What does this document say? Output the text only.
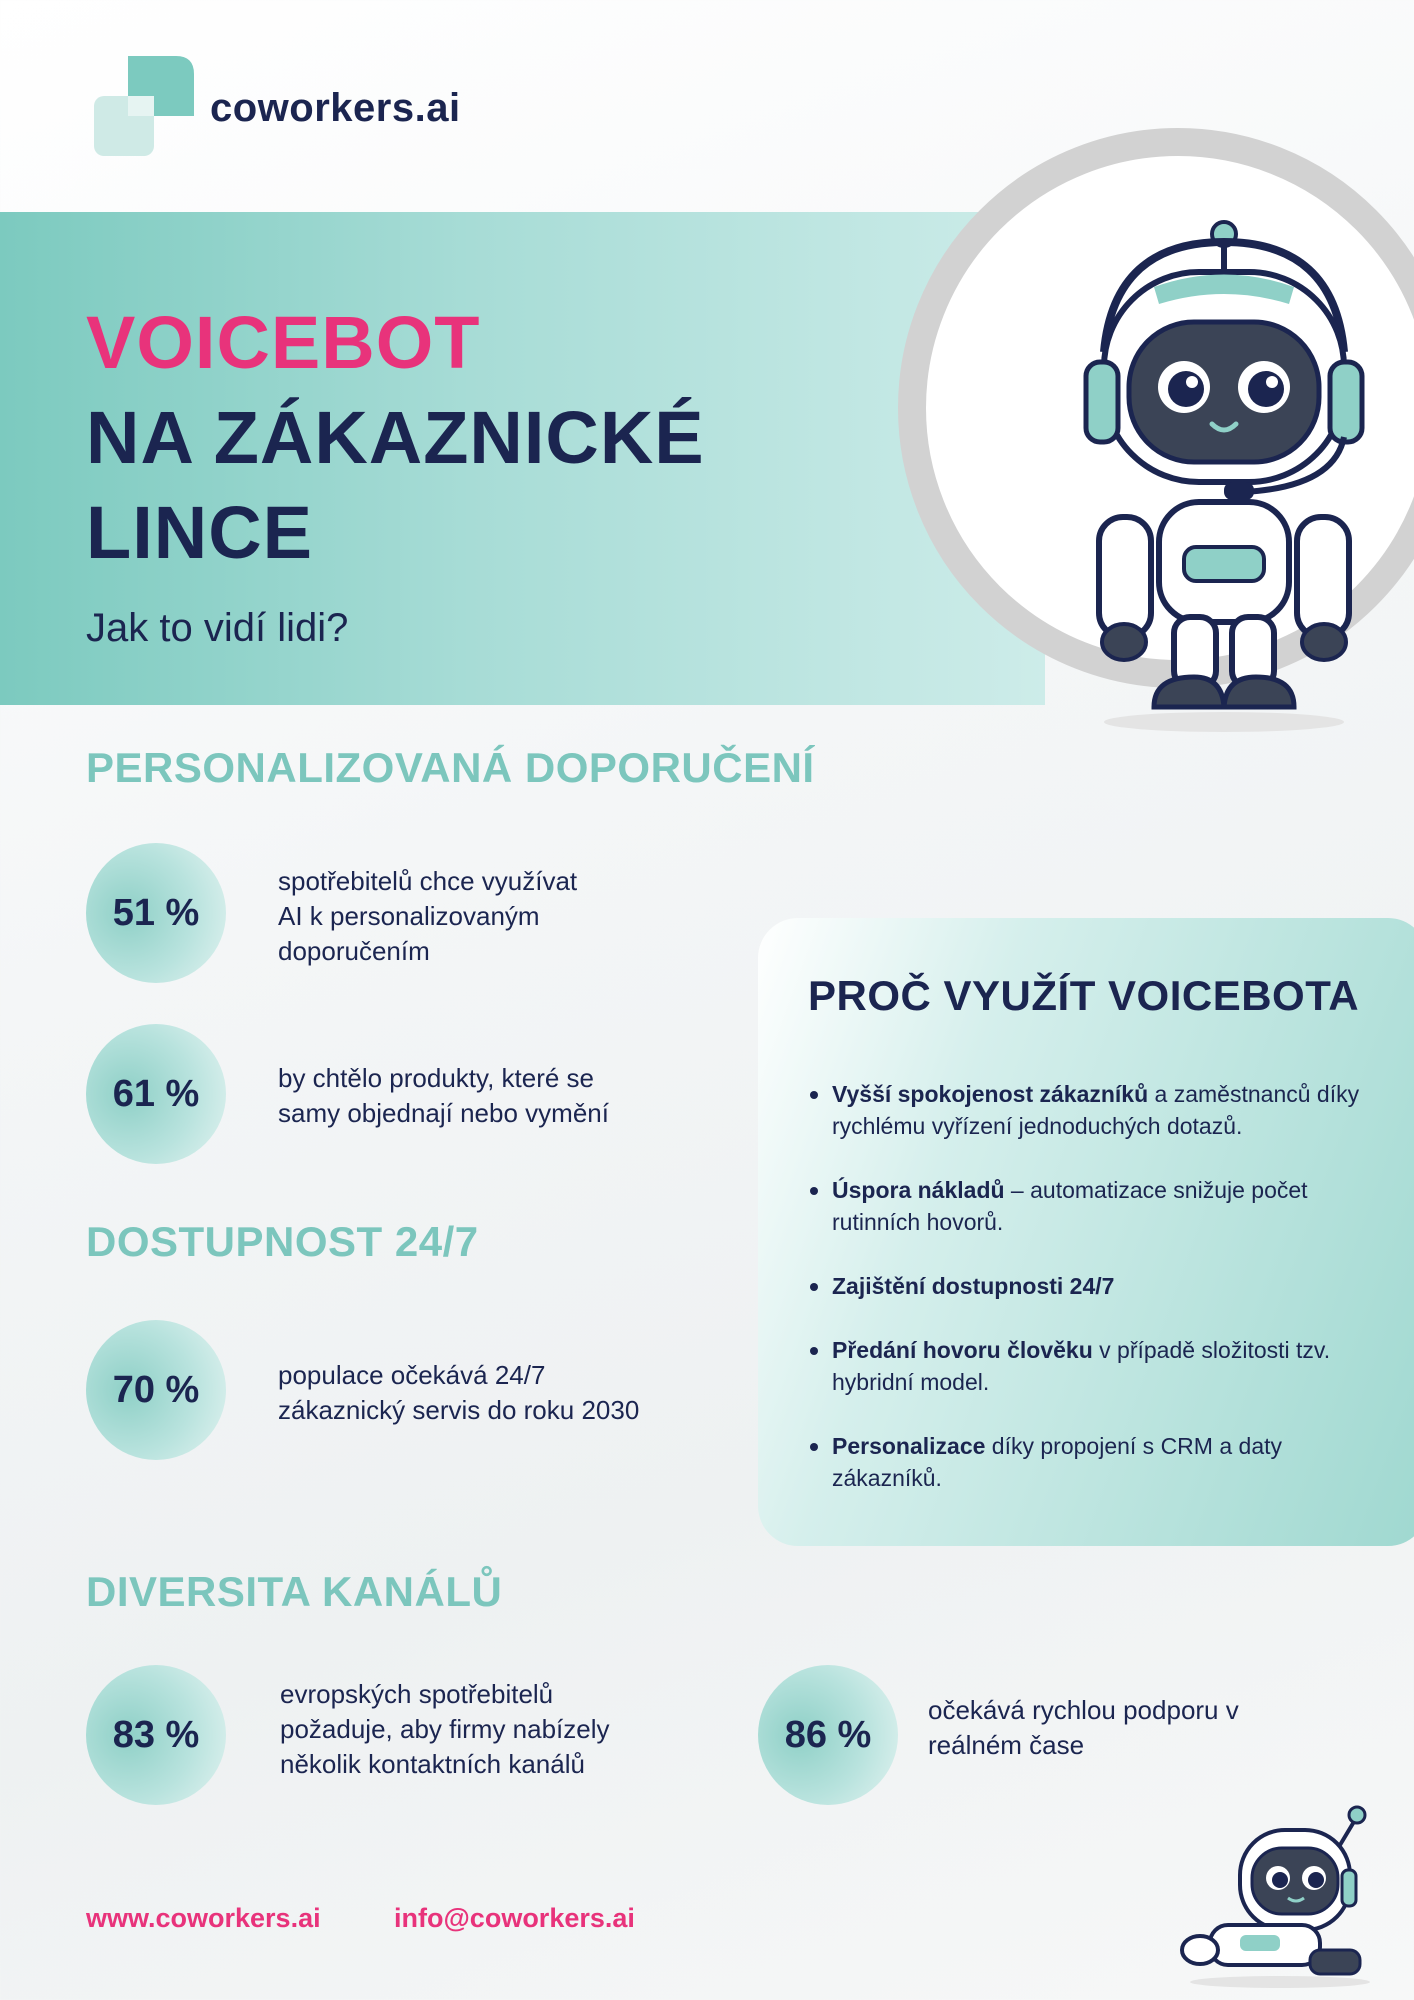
coworkers.ai
VOICEBOT
NA ZÁKAZNICKÉ
LINCE
Jak to vidí lidi?
PERSONALIZOVANÁ DOPORUČENÍ
51 %
spotřebitelů chce využívat
AI k personalizovaným
doporučením
61 %	by chtělo produkty, které se
samy objednají nebo vymění
DOSTUPNOST 24/7
70 %	populace očekává 24/7
zákaznický servis do roku 2030
PROČ VYUŽÍT VOICEBOTA
Vyšší spokojenost zákazníků a zaměstnanců díky rychlému vyřízení jednoduchých dotazů.
Úspora nákladů – automatizace snižuje počet rutinních hovorů.
Zajištění dostupnosti 24/7
Předání hovoru člověku v případě složitosti tzv. hybridní model.
Personalizace díky propojení s CRM a daty zákazníků.
DIVERSITA KANÁLŮ
83 %
evropských spotřebitelů
požaduje, aby firmy nabízely
několik kontaktních kanálů
86 %
očekává rychlou podporu v
reálném čase
www.coworkers.ai	info@coworkers.ai
